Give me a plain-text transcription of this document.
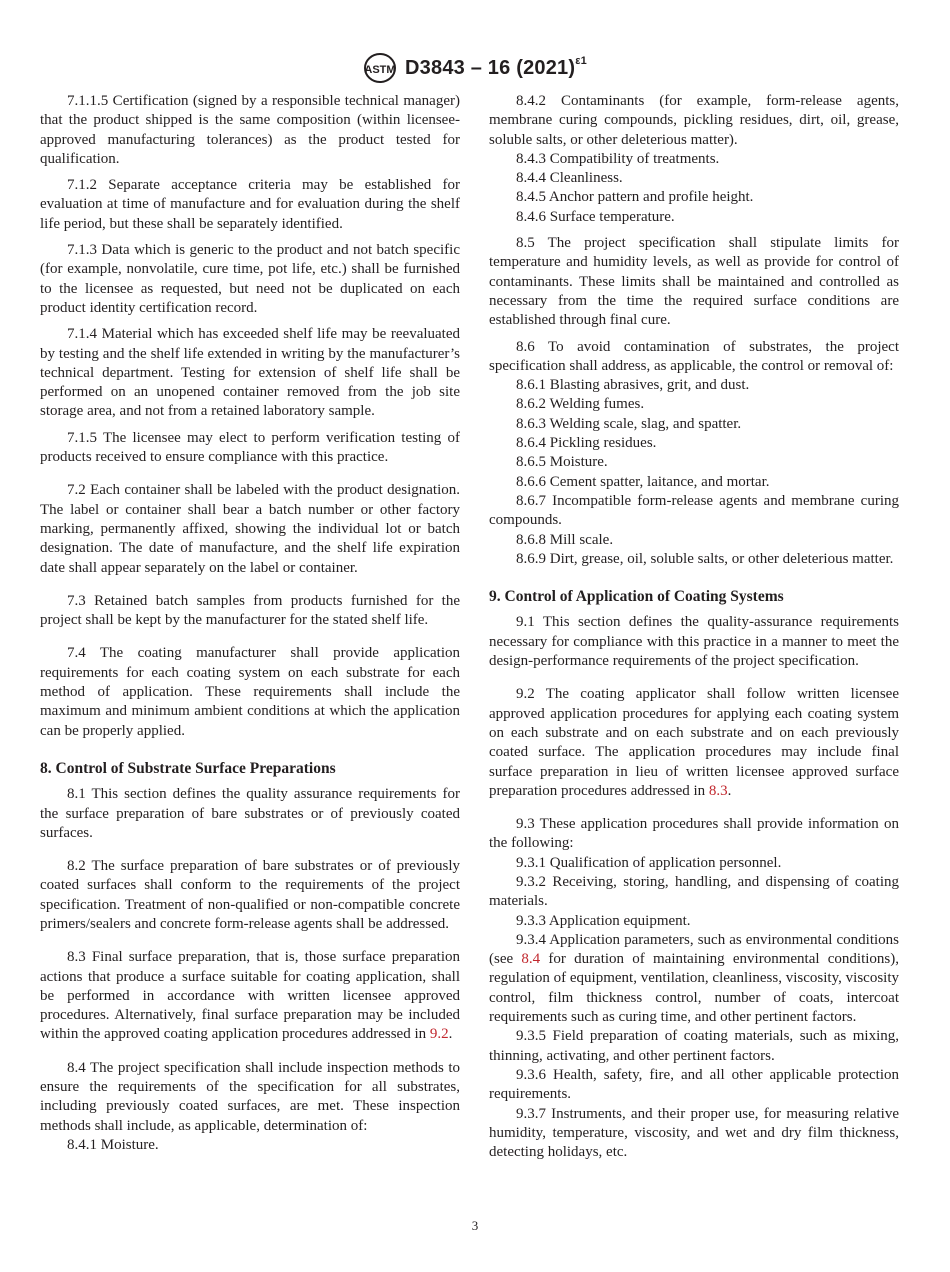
ASTM D3843 – 16 $(2021)^{\varepsilon 1}$

7.1.1.5 Certification (signed by a responsible technical manager) that the product shipped is the same composition (within licensee-approved manufacturing tolerances) as the product tested for qualification.

7.1.2 Separate acceptance criteria may be established for evaluation at time of manufacture and for evaluation during the shelf life period, but these shall be separately identified.

7.1.3 Data which is generic to the product and not batch specific (for example, nonvolatile, cure time, pot life, etc.) shall be furnished to the licensee as requested, but need not be duplicated on each product identity certification record.

7.1.4 Material which has exceeded shelf life may be reevaluated by testing and the shelf life extended in writing by the manufacturer’s technical department. Testing for extension of shelf life shall be performed on an unopened container removed from the job site storage area, and not from a retained laboratory sample.

7.1.5 The licensee may elect to perform verification testing of products received to ensure compliance with this practice.

7.2 Each container shall be labeled with the product designation. The label or container shall bear a batch number or other factory marking, permanently affixed, showing the individual lot or batch designation. The date of manufacture, and the shelf life expiration date shall appear separately on the label or container.

7.3 Retained batch samples from products furnished for the project shall be kept by the manufacturer for the stated shelf life.

7.4 The coating manufacturer shall provide application requirements for each coating system on each substrate for each method of application. These requirements shall include the maximum and minimum ambient conditions at which the application can be properly applied.

8. Control of Substrate Surface Preparations

8.1 This section defines the quality assurance requirements for the surface preparation of bare substrates or of previously coated surfaces.

8.2 The surface preparation of bare substrates or of previously coated surfaces shall conform to the requirements of the project specification. Treatment of non-qualified or non-compatible concrete primers/sealers and concrete form-release agents shall be addressed.

8.3 Final surface preparation, that is, those surface preparation actions that produce a surface suitable for coating application, shall be performed in accordance with written licensee approved procedures. Alternatively, final surface preparation may be included within the approved coating application procedures addressed in 9.2.

8.4 The project specification shall include inspection methods to ensure the requirements of the specification for all substrates, including previously coated surfaces, are met. These inspection methods shall include, as applicable, determination of:

8.4.1 Moisture.

8.4.2 Contaminants (for example, form-release agents, membrane curing compounds, pickling residues, dirt, oil, grease, soluble salts, or other deleterious matter).

8.4.3 Compatibility of treatments.

8.4.4 Cleanliness.

8.4.5 Anchor pattern and profile height.

8.4.6 Surface temperature.

8.5 The project specification shall stipulate limits for temperature and humidity levels, as well as provide for control of contaminants. These limits shall be maintained and controlled as necessary from the time the required surface conditions are established through final cure.

8.6 To avoid contamination of substrates, the project specification shall address, as applicable, the control or removal of:

8.6.1 Blasting abrasives, grit, and dust.

8.6.2 Welding fumes.

8.6.3 Welding scale, slag, and spatter.

8.6.4 Pickling residues.

8.6.5 Moisture.

8.6.6 Cement spatter, laitance, and mortar.

8.6.7 Incompatible form-release agents and membrane curing compounds.

8.6.8 Mill scale.

8.6.9 Dirt, grease, oil, soluble salts, or other deleterious matter.

9. Control of Application of Coating Systems

9.1 This section defines the quality-assurance requirements necessary for compliance with this practice in a manner to meet the design-performance requirements of the project specification.

9.2 The coating applicator shall follow written licensee approved application procedures for applying each coating system on each substrate and on each substrate and on each previously coated surface. The application procedures may include final surface preparation in lieu of written licensee approved surface preparation procedures addressed in 8.3.

9.3 These application procedures shall provide information on the following:

9.3.1 Qualification of application personnel.

9.3.2 Receiving, storing, handling, and dispensing of coating materials.

9.3.3 Application equipment.

9.3.4 Application parameters, such as environmental conditions (see 8.4 for duration of maintaining environmental conditions), regulation of equipment, ventilation, cleanliness, viscosity, viscosity control, film thickness control, number of coats, intercoat requirements such as curing time, and other pertinent factors.

9.3.5 Field preparation of coating materials, such as mixing, thinning, activating, and other pertinent factors.

9.3.6 Health, safety, fire, and all other applicable protection requirements.

9.3.7 Instruments, and their proper use, for measuring relative humidity, temperature, viscosity, and wet and dry film thickness, detecting holidays, etc.

3
